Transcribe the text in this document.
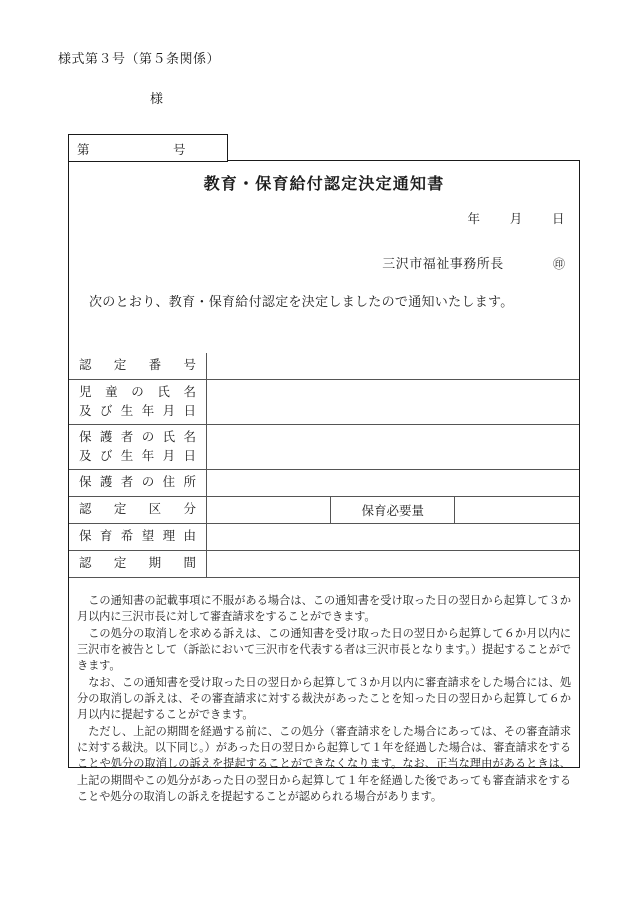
様式第３号（第５条関係）
様
第	号
教育・保育給付認定決定通知書
年 月 日
三沢市福祉事務所長	㊞
次のとおり、教育・保育給付認定を決定しましたので通知いたします。
認定番号			

児童の氏名
及び生年月日			

保護者の氏名
及び生年月日			

保護者の住所			

認定区分		保育必要量	

保育希望理由			

認定期間			

この通知書の記載事項に不服がある場合は、この通知書を受け取った日の翌日から起算して３か月以内に三沢市長に対して審査請求をすることができます。

この処分の取消しを求める訴えは、この通知書を受け取った日の翌日から起算して６か月以内に三沢市を被告として（訴訟において三沢市を代表する者は三沢市長となります。）提起することができます。

なお、この通知書を受け取った日の翌日から起算して３か月以内に審査請求をした場合には、処分の取消しの訴えは、その審査請求に対する裁決があったことを知った日の翌日から起算して６か月以内に提起することができます。

ただし、上記の期間を経過する前に、この処分（審査請求をした場合にあっては、その審査請求に対する裁決。以下同じ。）があった日の翌日から起算して１年を経過した場合は、審査請求をすることや処分の取消しの訴えを提起することができなくなります。なお、正当な理由があるときは、上記の期間やこの処分があった日の翌日から起算して１年を経過した後であっても審査請求をすることや処分の取消しの訴えを提起することが認められる場合があります。
